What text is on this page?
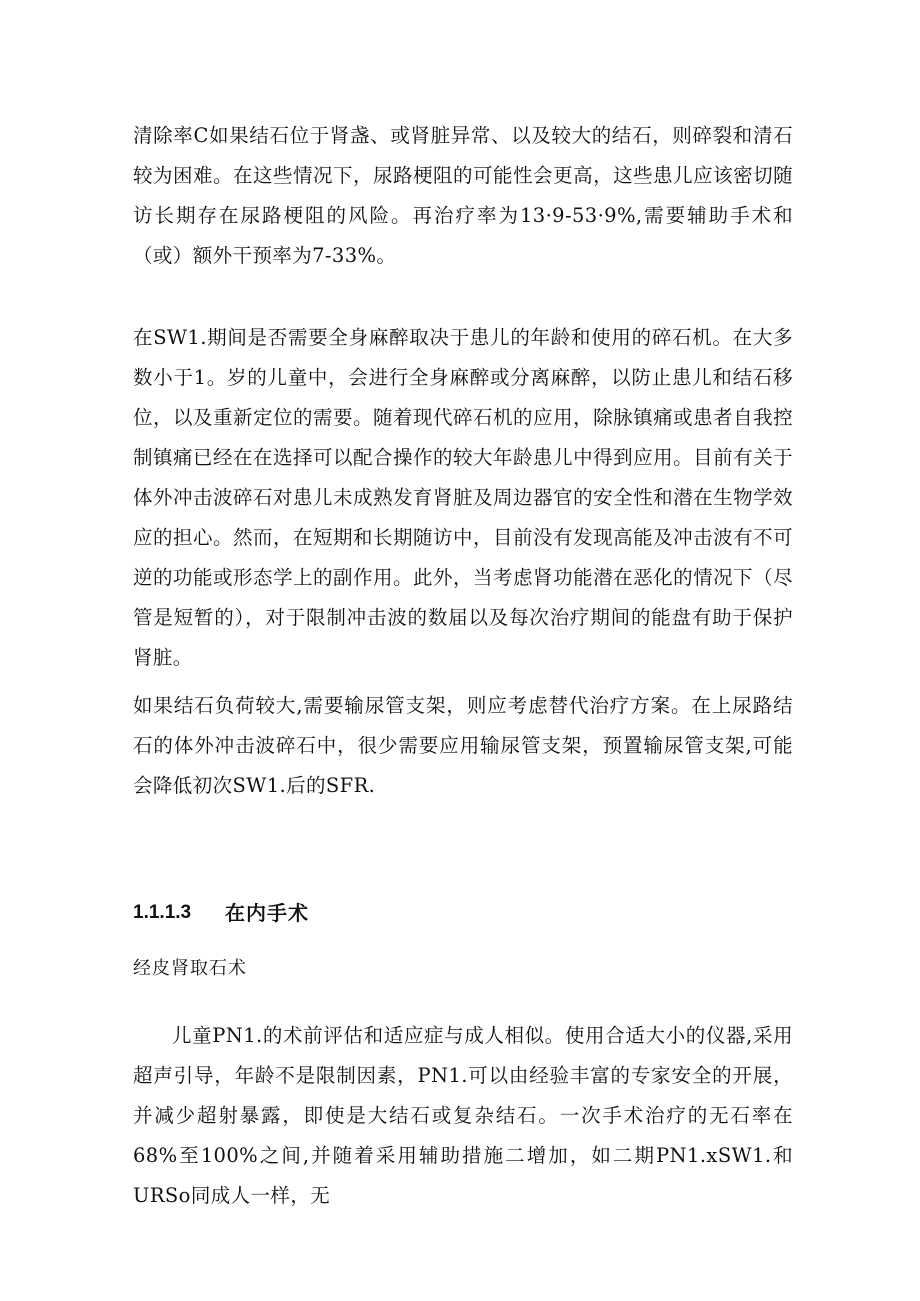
清除率C如果结石位于肾盏、或肾脏异常、以及较大的结石，则碎裂和清石较为困难。在这些情况下，尿路梗阻的可能性会更高，这些患儿应该密切随访长期存在尿路梗阻的风险。再治疗率为13·9-53·9%,需要辅助手术和（或）额外干预率为7-33%。

在SW1.期间是否需要全身麻醉取决于患儿的年龄和使用的碎石机。在大多数小于1。岁的儿童中，会进行全身麻醉或分离麻醉，以防止患儿和结石移位，以及重新定位的需要。随着现代碎石机的应用，除脉镇痛或患者自我控制镇痛已经在在选择可以配合操作的较大年龄患儿中得到应用。目前有关于体外冲击波碎石对患儿未成熟发育肾脏及周边器官的安全性和潜在生物学效应的担心。然而，在短期和长期随访中，目前没有发现高能及冲击波有不可逆的功能或形态学上的副作用。此外，当考虑肾功能潜在恶化的情况下（尽管是短暂的），对于限制冲击波的数届以及每次治疗期间的能盘有助于保护肾脏。

如果结石负荷较大,需要输尿管支架，则应考虑替代治疗方案。在上尿路结石的体外冲击波碎石中，很少需要应用输尿管支架，预置输尿管支架,可能会降低初次SW1.后的SFR.

1.1.1.3	在内手术

经皮肾取石术

儿童PN1.的术前评估和适应症与成人相似。使用合适大小的仪器,采用超声引导，年龄不是限制因素，PN1.可以由经验丰富的专家安全的开展，并减少超射暴露，即使是大结石或复杂结石。一次手术治疗的无石率在68%至100%之间,并随着采用辅助措施二增加，如二期PN1.xSW1.和URSo同成人一样，无
